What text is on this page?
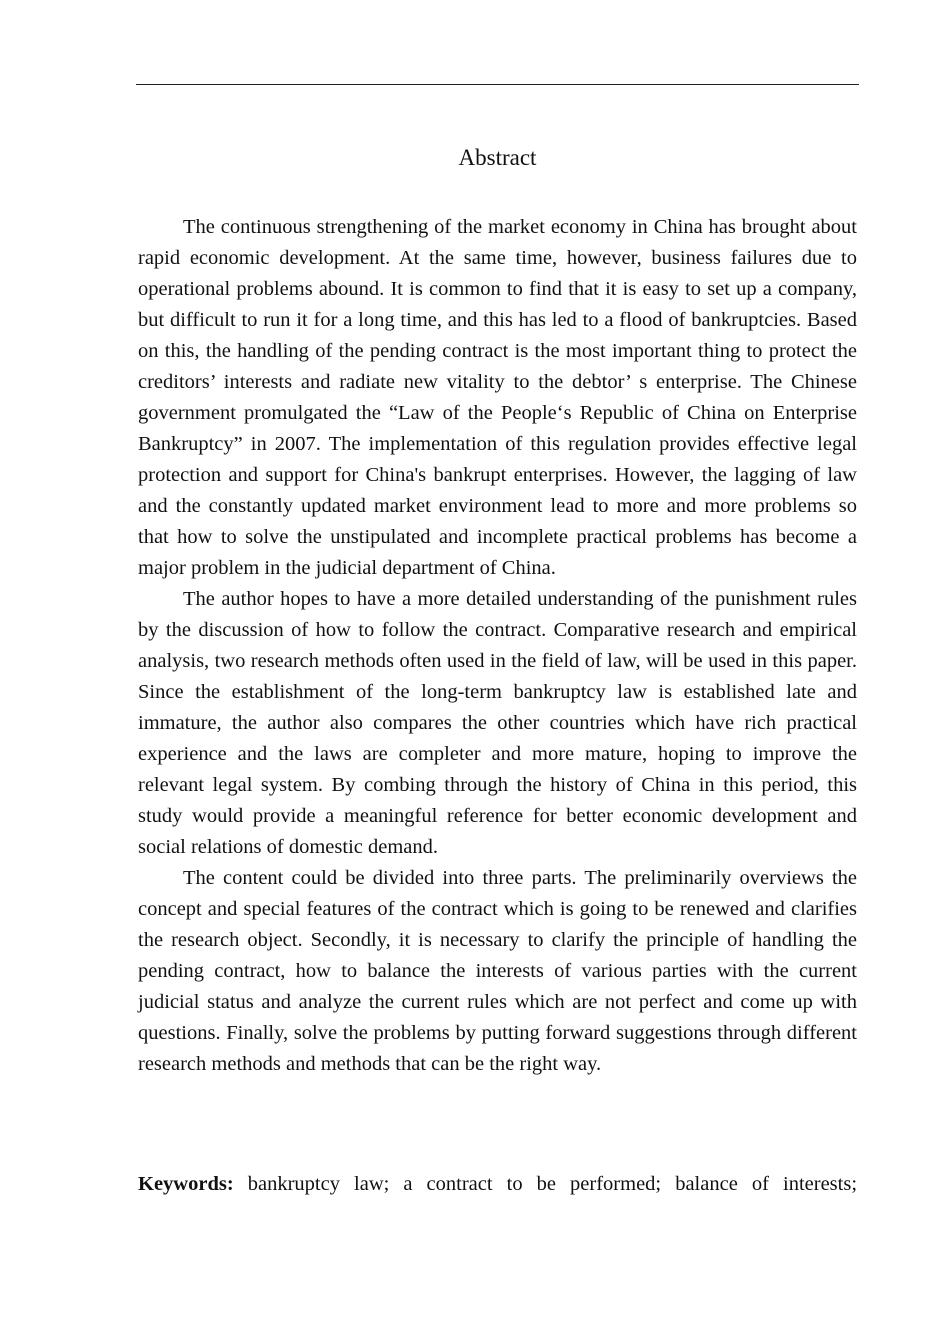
Abstract

The continuous strengthening of the market economy in China has brought about rapid economic development. At the same time, however, business failures due to operational problems abound. It is common to find that it is easy to set up a company, but difficult to run it for a long time, and this has led to a flood of bankruptcies. Based on this, the handling of the pending contract is the most important thing to protect the creditors’ interests and radiate new vitality to the debtor’ s enterprise. The Chinese government promulgated the “Law of the People‘s Republic of China on Enterprise Bankruptcy” in 2007. The implementation of this regulation provides effective legal protection and support for China's bankrupt enterprises. However, the lagging of law and the constantly updated market environment lead to more and more problems so that how to solve the unstipulated and incomplete practical problems has become a major problem in the judicial department of China.

The author hopes to have a more detailed understanding of the punishment rules by the discussion of how to follow the contract. Comparative research and empirical analysis, two research methods often used in the field of law, will be used in this paper. Since the establishment of the long-term bankruptcy law is established late and immature, the author also compares the other countries which have rich practical experience and the laws are completer and more mature, hoping to improve the relevant legal system. By combing through the history of China in this period, this study would provide a meaningful reference for better economic development and social relations of domestic demand.

The content could be divided into three parts. The preliminarily overviews the concept and special features of the contract which is going to be renewed and clarifies the research object. Secondly, it is necessary to clarify the principle of handling the pending contract, how to balance the interests of various parties with the current judicial status and analyze the current rules which are not perfect and come up with questions. Finally, solve the problems by putting forward suggestions through different research methods and methods that can be the right way.

Keywords: bankruptcy law; a contract to be performed; balance of interests;
